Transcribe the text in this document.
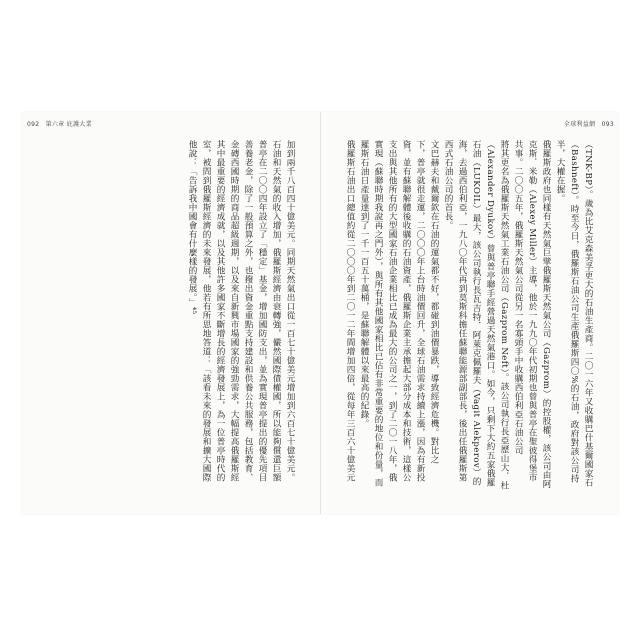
092 第六章 庇護大業	全球利益網 093
加到兩千八百四十億美元。同期天然氣出口從一百七十億美元增加到六百七十億美元。
石油和天然氣的收入增加，俄羅斯經濟由衰轉強，儼然國際債權國，所以能夠償還巨額
普亭在二〇〇四年設立了「穩定」基金，增加國防支出，並為實現普亭提出的優先項目
善養老金，除了一般預算之外，也撥出資金重點支持建設和供養公共服務，包括教育、
金磚西國時期的商品超級週期，以及來自新興市場國家的強勁需求，大幅提高俄羅斯經
其中最重要的經濟成就，以及其他許多國家不斷增長的經濟發展上，為一位普亭時代的
室，被問到俄羅斯經濟的未來發展，他若有所思地答道：「該看未來的發展和擴大國際
他說：「告訴我中國會有什麼樣的發展。」⁴⁵	（TNK-BP）。歲為比艾克森美孚更大的石油生產商。二〇一六年又收購巴什基爾國家石
（Bashneft）。時至今日，俄羅斯石油公司生產俄羅斯四〇%的石油，政府對該公司持
半，大權在握。
俄羅斯政府也同樣有天然氣巨擘俄羅斯天然氣公司（Gazprom）的控股權，該公司由阿
克斯．米勒（Alexey Miller）主導，他於一九九〇年代初期也曾與普亭在聖彼得堡市
共事。二〇〇五年，俄羅斯天然氣公司從另一名寡頭手中收購西伯利亞石油公司
將其更名為俄羅斯天然氣工業石油公司（Gazprom Neft）。該公司執行長亞歷山大．杜
（Alexander Dyukov）曾與普亭聯手經營過天然氣港口。如今，只剩下大約五家俄羅
石油（LUKOIL）最大，該公司執行長瓦吉特．阿萊克佩羅夫（Vagit Alekperov）的
海，去過西伯利亞，一九八〇年代再到莫斯科擔任蘇聯能源部副部長，後出任俄羅斯第
西式石油公司的首長。
文巴赫夫和戴爾欽在石油的運氣都不好，都碰到油價暴跌，導致經濟危機。對比之
下，普亭就很走運，二〇〇〇年上台時油價回升，全球石油需求持續上漲，因為有新投
資，並有蘇聯解體後收購的石油資產，俄羅斯企業主承擔起大部分成本和技術，這樣公
支出與其他所有的大型國家石油企業相比已成為最大的公司之一，到了二〇一八年，俄
實現（蘇聯時期我說再之門外），與所有其他國家相比已佔有非常重要的地位和份量，而
羅斯石油日產量達到了一千一百五十萬桶，是蘇聯解體以來最高的紀錄。
俄羅斯石油出口總值約從二〇〇〇年到二〇一二年間增加四倍，從每年三百六十億美元
